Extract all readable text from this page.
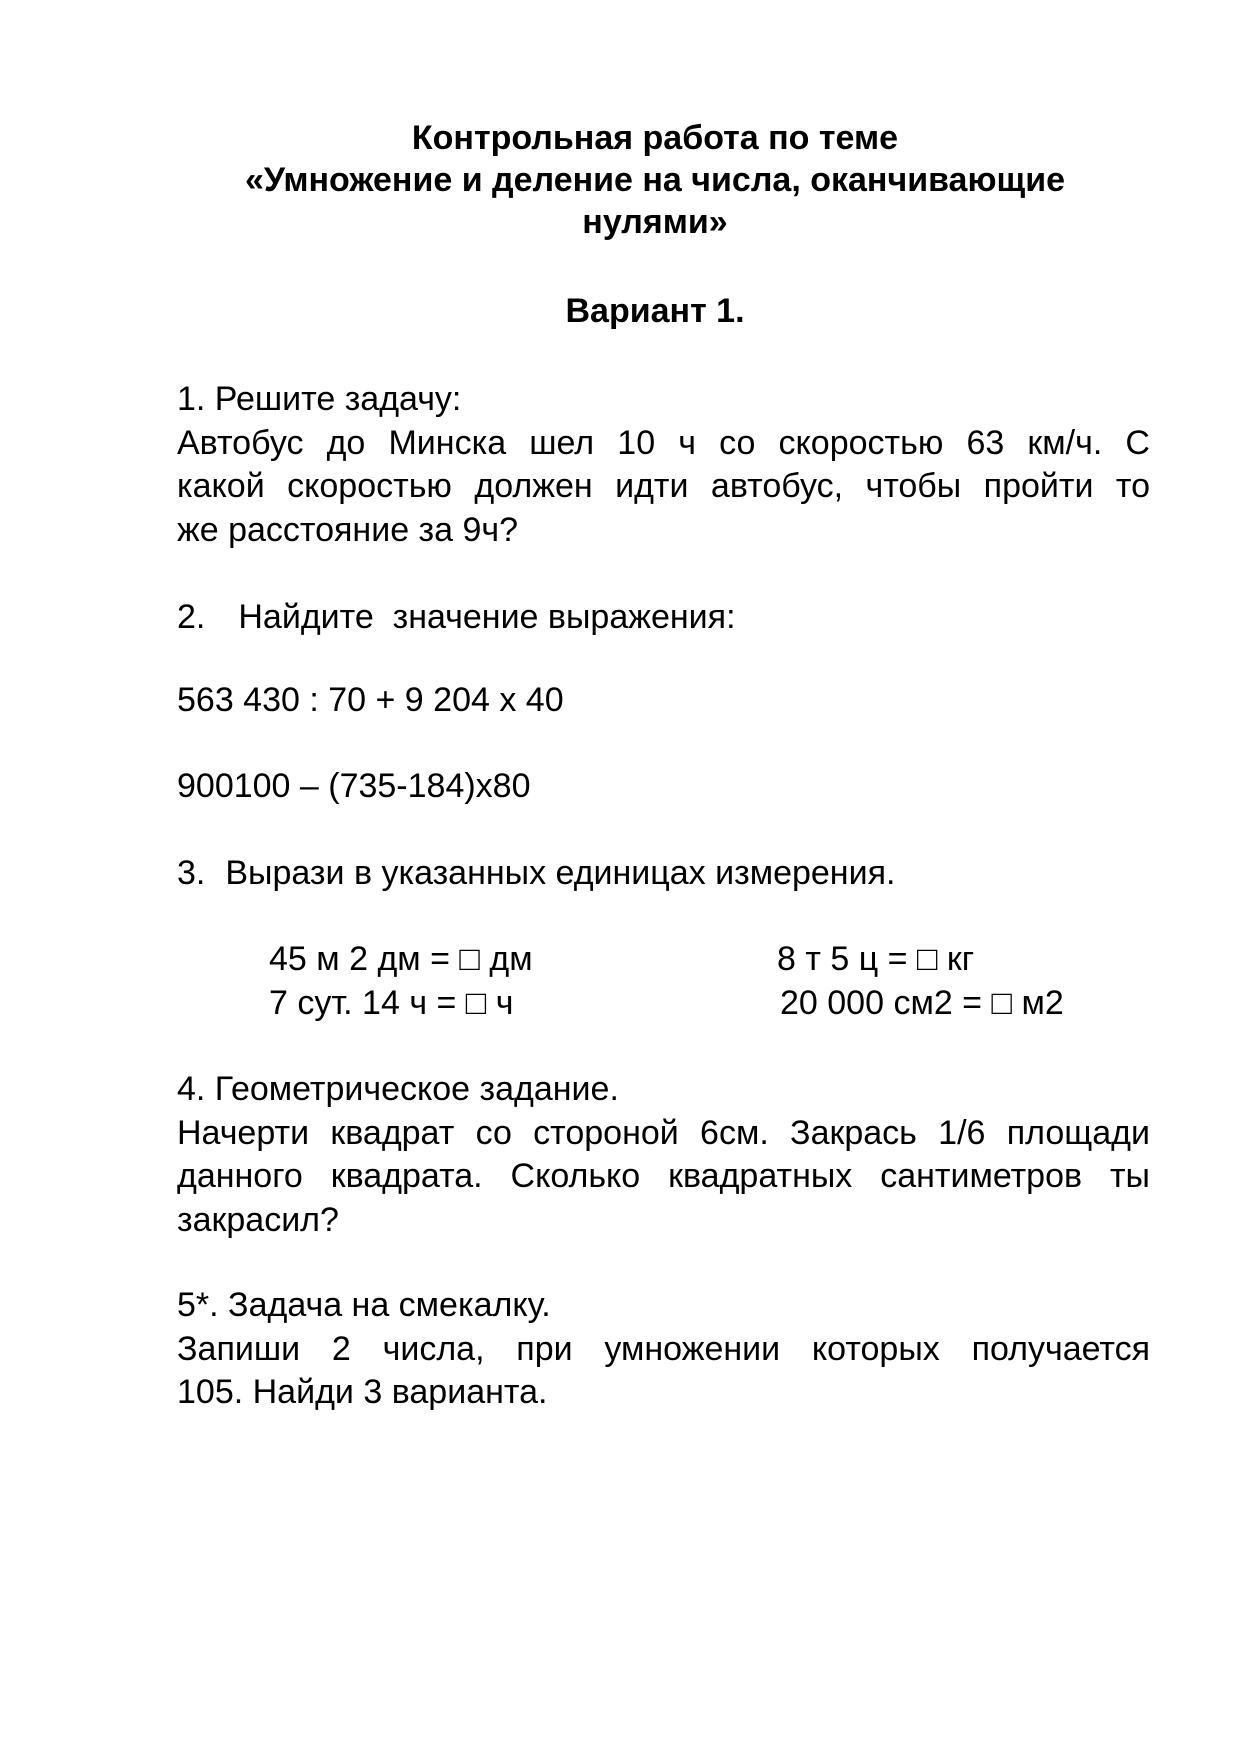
Контрольная работа по теме
«Умножение и деление на числа, оканчивающие
нулями»
Вариант 1.
1. Решите задачу:
Автобус до Минска шел 10 ч со скоростью 63 км/ч. С
какой скоростью должен идти автобус, чтобы пройти то
же расстояние за 9ч?
2. Найдите  значение выражения:
563 430 : 70 + 9 204 х 40
900100 – (735-184)х80
3. Вырази в указанных единицах измерения.
45 м 2 дм = □ дм
7 сут. 14 ч = □ ч
8 т 5 ц = □ кг
20 000 см2 = □ м2
4. Геометрическое задание.
Начерти квадрат со стороной 6см. Закрась 1/6 площади
данного квадрата. Сколько квадратных сантиметров ты
закрасил?
5*. Задача на смекалку.
Запиши 2 числа, при умножении которых получается
105. Найди 3 варианта.
